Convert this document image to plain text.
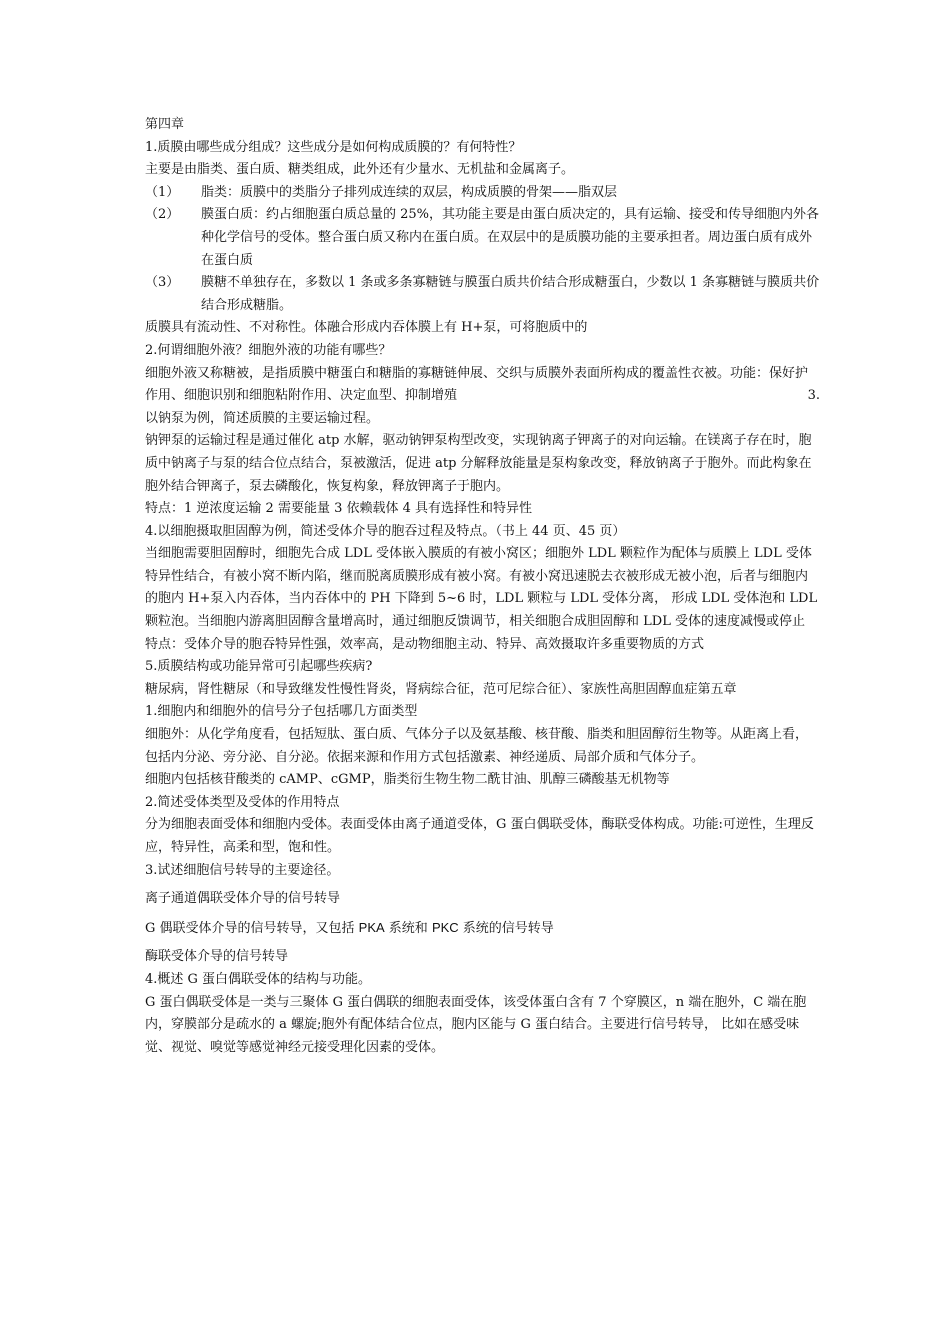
第四章

1.质膜由哪些成分组成？这些成分是如何构成质膜的？有何特性？

主要是由脂类、蛋白质、糖类组成，此外还有少量水、无机盐和金属离子。

（1）	脂类：质膜中的类脂分子排列成连续的双层，构成质膜的骨架——脂双层
（2）	膜蛋白质：约占细胞蛋白质总量的 25%，其功能主要是由蛋白质决定的，具有运输、接受和传导细胞内外各种化学信号的受体。整合蛋白质又称内在蛋白质。在双层中的是质膜功能的主要承担者。周边蛋白质有成外在蛋白质
（3）	膜糖不单独存在，多数以 1 条或多条寡糖链与膜蛋白质共价结合形成糖蛋白，少数以 1 条寡糖链与膜质共价结合形成糖脂。

质膜具有流动性、不对称性。体融合形成内吞体膜上有 H+泵，可将胞质中的

2.何谓细胞外液？细胞外液的功能有哪些？

细胞外液又称糖被，是指质膜中糖蛋白和糖脂的寡糖链伸展、交织与质膜外表面所构成的覆盖性衣被。功能：保好护作用、细胞识别和细胞粘附作用、决定血型、抑制增殖	3.

以钠泵为例，简述质膜的主要运输过程。

钠钾泵的运输过程是通过催化 atp 水解，驱动钠钾泵构型改变，实现钠离子钾离子的对向运输。在镁离子存在时，胞质中钠离子与泵的结合位点结合，泵被激活，促进 atp 分解释放能量是泵构象改变，释放钠离子于胞外。而此构象在胞外结合钾离子，泵去磷酸化，恢复构象，释放钾离子于胞内。

特点：1 逆浓度运输 2 需要能量 3 依赖载体 4 具有选择性和特异性

4.以细胞摄取胆固醇为例，简述受体介导的胞吞过程及特点。（书上 44 页、45 页）

当细胞需要胆固醇时，细胞先合成 LDL 受体嵌入膜质的有被小窝区；细胞外 LDL 颗粒作为配体与质膜上 LDL 受体特异性结合，有被小窝不断内陷，继而脱离质膜形成有被小窝。有被小窝迅速脱去衣被形成无被小泡，后者与细胞内的胞内 H+泵入内吞体，当内吞体中的 PH 下降到 5~6 时，LDL 颗粒与 LDL 受体分离， 形成 LDL 受体泡和 LDL 颗粒泡。当细胞内游离胆固醇含量增高时，通过细胞反馈调节，相关细胞合成胆固醇和 LDL 受体的速度减慢或停止

特点：受体介导的胞吞特异性强，效率高，是动物细胞主动、特异、高效摄取许多重要物质的方式

5.质膜结构或功能异常可引起哪些疾病?

糖尿病，肾性糖尿（和导致继发性慢性肾炎，肾病综合征，范可尼综合征）、家族性高胆固醇血症第五章

1.细胞内和细胞外的信号分子包括哪几方面类型

细胞外：从化学角度看，包括短肽、蛋白质、气体分子以及氨基酸、核苷酸、脂类和胆固醇衍生物等。从距离上看，包括内分泌、旁分泌、自分泌。依据来源和作用方式包括激素、神经递质、局部介质和气体分子。

细胞内包括核苷酸类的 cAMP、cGMP，脂类衍生物生物二酰甘油、肌醇三磷酸基无机物等

2.简述受体类型及受体的作用特点

分为细胞表面受体和细胞内受体。表面受体由离子通道受体，G 蛋白偶联受体，酶联受体构成。功能:可逆性，生理反应，特异性，高柔和型，饱和性。

3.试述细胞信号转导的主要途径。

离子通道偶联受体介导的信号转导

G 偶联受体介导的信号转导，又包括 PKA 系统和 PKC 系统的信号转导

酶联受体介导的信号转导

4.概述 G 蛋白偶联受体的结构与功能。

G 蛋白偶联受体是一类与三聚体 G 蛋白偶联的细胞表面受体，该受体蛋白含有 7 个穿膜区，n 端在胞外，C 端在胞内，穿膜部分是疏水的 a 螺旋;胞外有配体结合位点，胞内区能与 G 蛋白结合。主要进行信号转导， 比如在感受味觉、视觉、嗅觉等感觉神经元接受理化因素的受体。
